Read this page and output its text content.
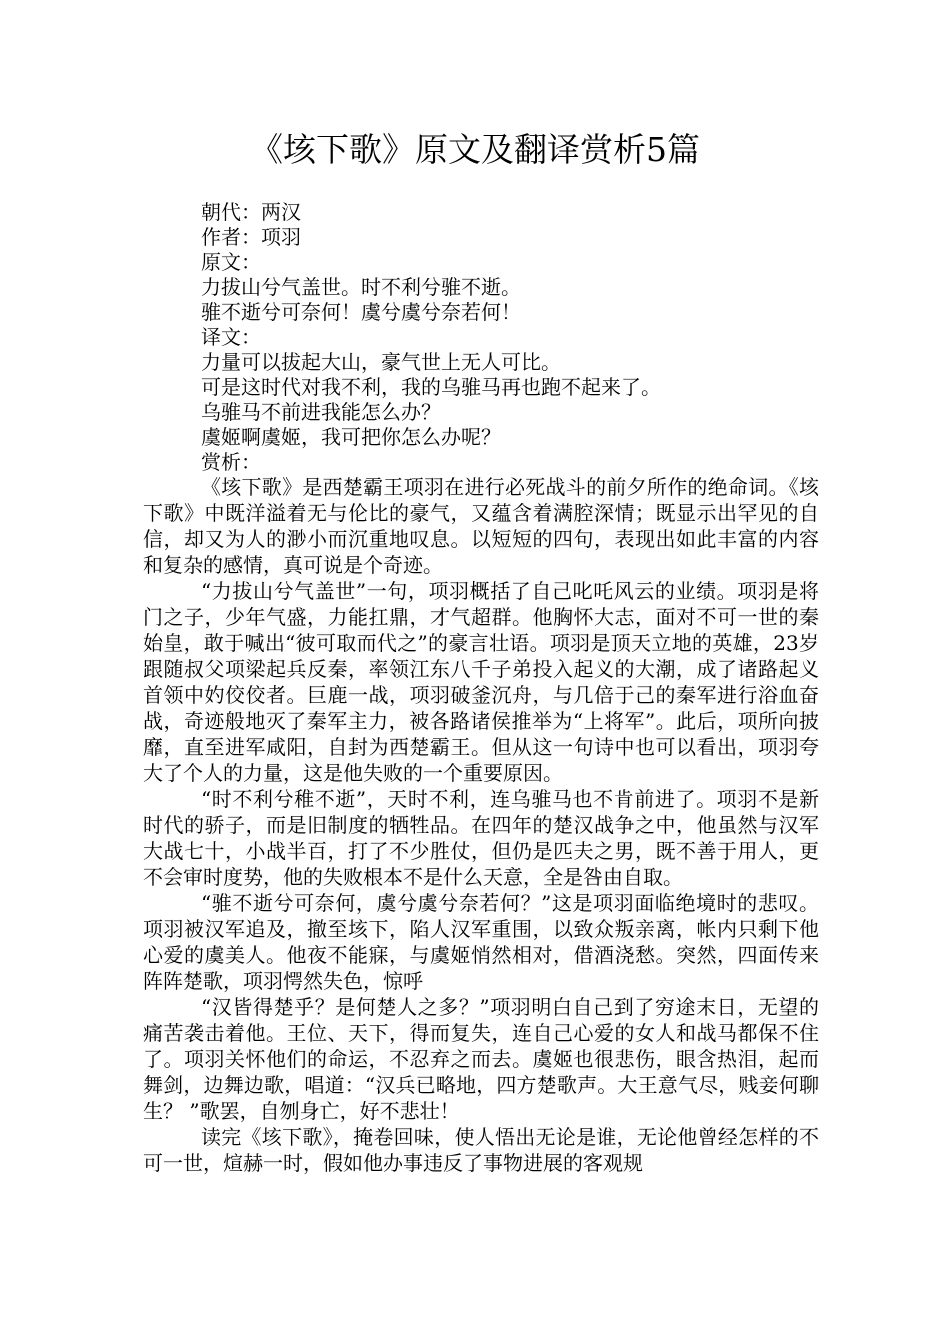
《垓下歌》原文及翻译赏析5篇
朝代：两汉
作者：项羽
原文：
力拔山兮气盖世。时不利兮骓不逝。
骓不逝兮可奈何！虞兮虞兮奈若何！
译文：
力量可以拔起大山，豪气世上无人可比。
可是这时代对我不利，我的乌骓马再也跑不起来了。
乌骓马不前进我能怎么办？
虞姬啊虞姬，我可把你怎么办呢？
赏析：

《垓下歌》是西楚霸王项羽在进行必死战斗的前夕所作的绝命词。《垓下歌》中既洋溢着无与伦比的豪气，又蕴含着满腔深情；既显示出罕见的自信，却又为人的渺小而沉重地叹息。以短短的四句，表现出如此丰富的内容和复杂的感情，真可说是个奇迹。

“力拔山兮气盖世”一句，项羽概括了自己叱吒风云的业绩。项羽是将门之子，少年气盛，力能扛鼎，才气超群。他胸怀大志，面对不可一世的秦始皇，敢于喊出“彼可取而代之”的豪言壮语。项羽是顶天立地的英雄，23岁跟随叔父项梁起兵反秦，率领江东八千子弟投入起义的大潮，成了诸路起义首领中妁佼佼者。巨鹿一战，项羽破釜沉舟，与几倍于己的秦军进行浴血奋战，奇迹般地灭了秦军主力，被各路诸侯推举为“上将军”。此后，项所向披靡，直至进军咸阳，自封为西楚霸王。但从这一句诗中也可以看出，项羽夸大了个人的力量，这是他失败的一个重要原因。

“时不利兮稚不逝”，天时不利，连乌骓马也不肯前进了。项羽不是新时代的骄子，而是旧制度的牺牲品。在四年的楚汉战争之中，他虽然与汉军大战七十，小战半百，打了不少胜仗，但仍是匹夫之男，既不善于用人，更不会审时度势，他的失败根本不是什么天意，全是咎由自取。

“骓不逝兮可奈何，虞兮虞兮奈若何？”这是项羽面临绝境时的悲叹。项羽被汉军追及，撤至垓下，陷人汉军重围，以致众叛亲离，帐内只剩下他心爱的虞美人。他夜不能寐，与虞姬悄然相对，借酒浇愁。突然，四面传来阵阵楚歌，项羽愕然失色，惊呼

“汉皆得楚乎？是何楚人之多？”项羽明白自己到了穷途末日，无望的痛苦袭击着他。王位、天下，得而复失，连自己心爱的女人和战马都保不住了。项羽关怀他们的命运，不忍弃之而去。虞姬也很悲伤，眼含热泪，起而舞剑，边舞边歌，唱道：“汉兵已略地，四方楚歌声。大王意气尽，贱妾何聊生？ ”歌罢，自刎身亡，好不悲壮！

读完《垓下歌》，掩卷回味，使人悟出无论是谁，无论他曾经怎样的不可一世，煊赫一时，假如他办事违反了事物进展的客观规
